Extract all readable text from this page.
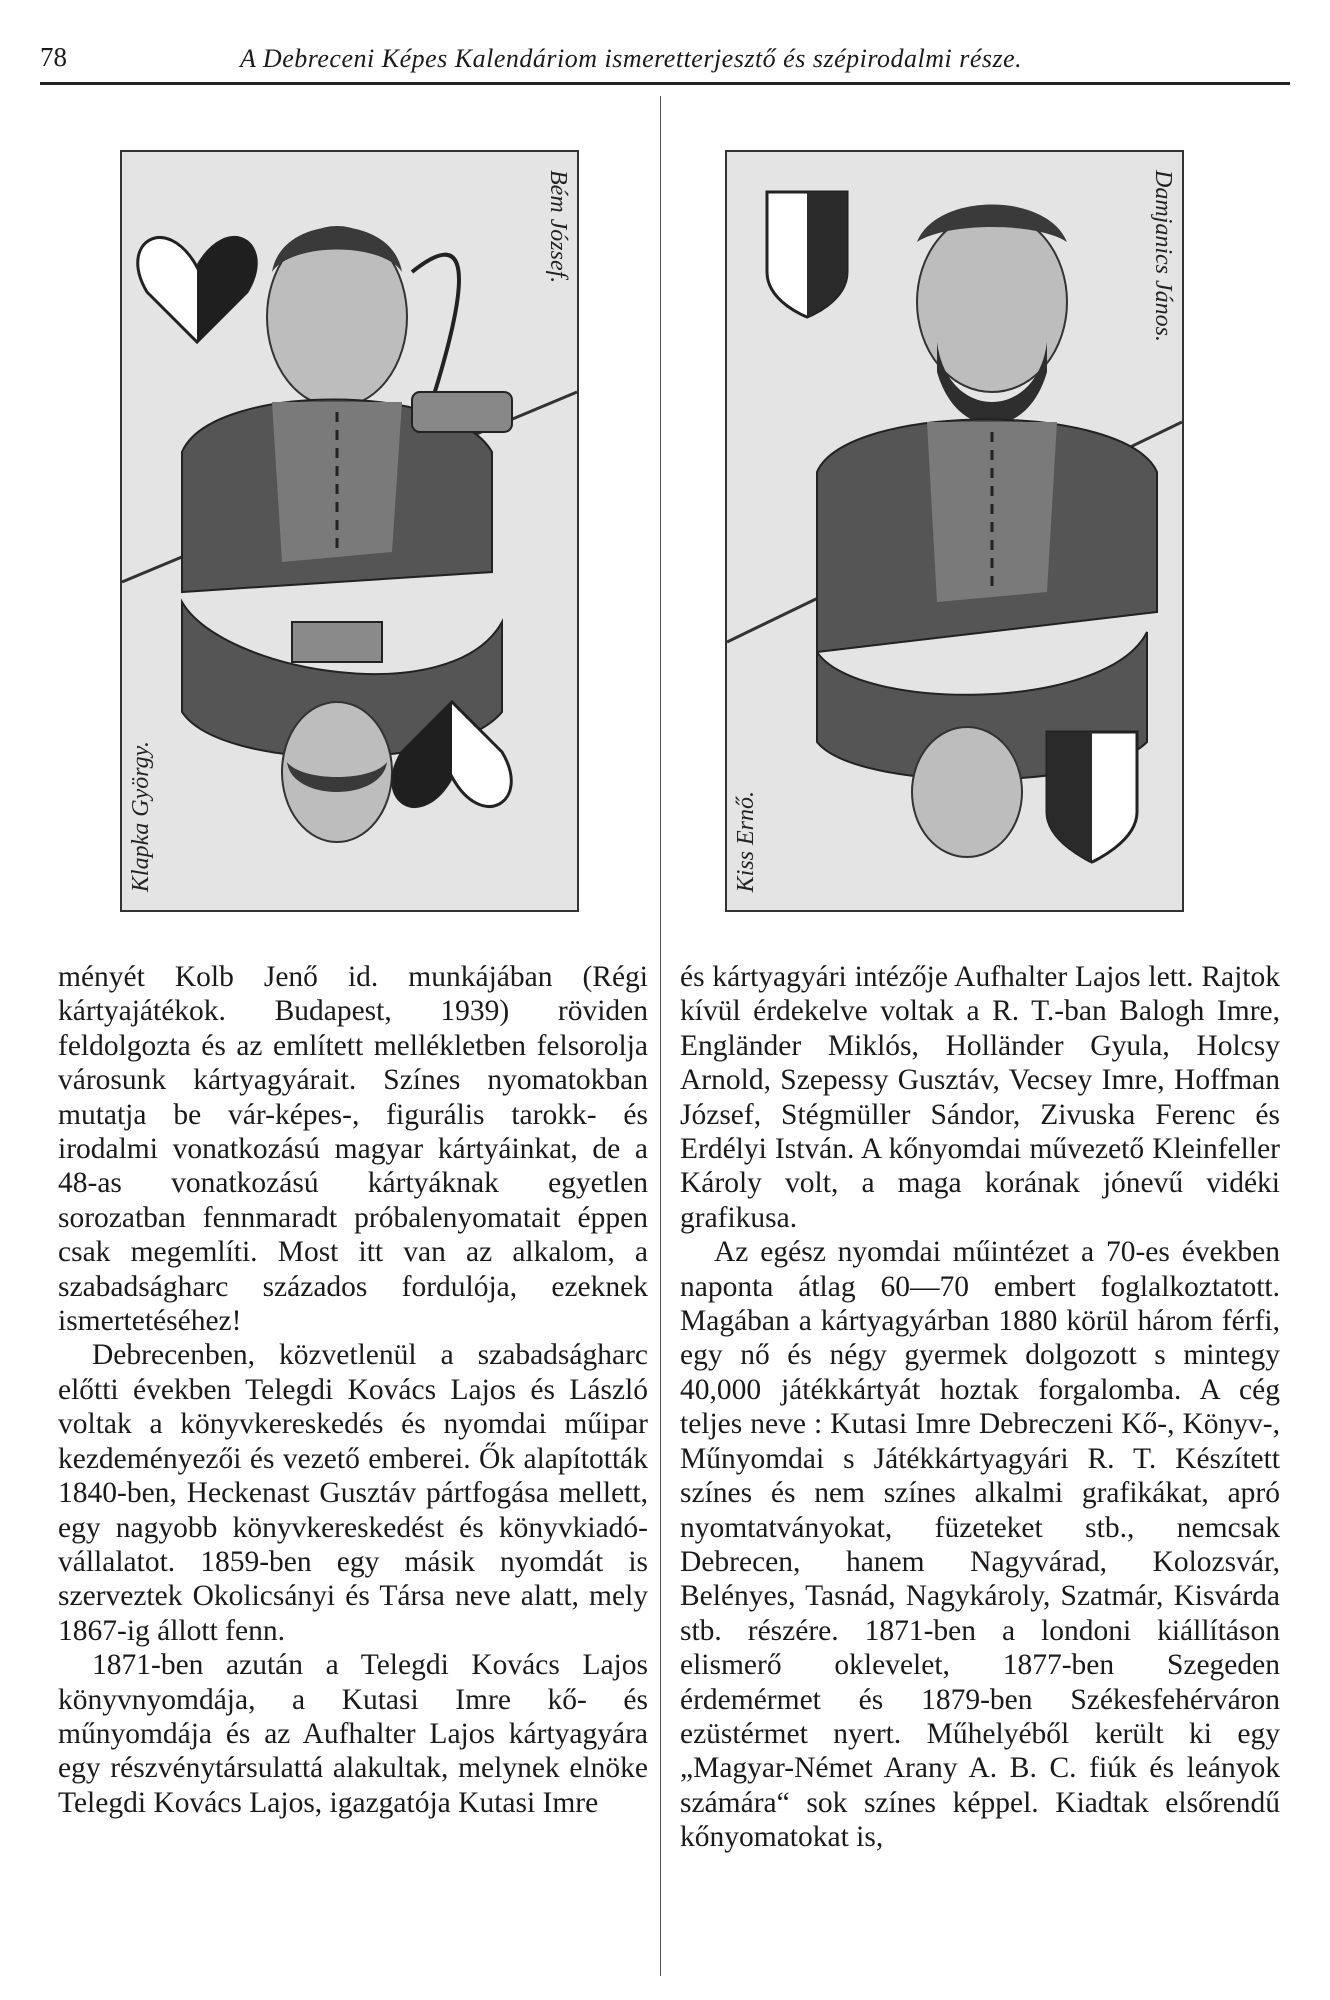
78	A Debreceni Képes Kalendáriom ismeretterjesztő és szépirodalmi része.
Bém József.
Klapka György.
Damjanics János.
Kiss Ernő.

ményét Kolb Jenő id. munkájában (Régi kártyajátékok. Budapest, 1939) röviden feldolgozta és az említett mellékletben felsorolja városunk kártyagyárait. Színes nyomatokban mutatja be vár-képes-, figurális tarokk- és irodalmi vonatkozású magyar kártyáinkat, de a 48-as vonatkozású kártyáknak egyetlen sorozatban fennmaradt próbalenyomatait éppen csak megemlíti. Most itt van az alkalom, a szabadságharc százados fordulója, ezeknek ismertetéséhez!

Debrecenben, közvetlenül a szabadságharc előtti években Telegdi Kovács Lajos és László voltak a könyvkereskedés és nyomdai műipar kezdeményezői és vezető emberei. Ők alapították 1840-ben, Heckenast Gusztáv pártfogása mellett, egy nagyobb könyvkereskedést és könyvkiadó-vállalatot. 1859-ben egy másik nyomdát is szerveztek Okolicsányi és Társa neve alatt, mely 1867-ig állott fenn.

1871-ben azután a Telegdi Kovács Lajos könyvnyomdája, a Kutasi Imre kő- és műnyomdája és az Aufhalter Lajos kártyagyára egy részvénytársulattá alakultak, melynek elnöke Telegdi Kovács Lajos, igazgatója Kutasi Imre

és kártyagyári intézője Aufhalter Lajos lett. Rajtok kívül érdekelve voltak a R. T.-ban Balogh Imre, Engländer Miklós, Holländer Gyula, Holcsy Arnold, Szepessy Gusztáv, Vecsey Imre, Hoffman József, Stégmüller Sándor, Zivuska Ferenc és Erdélyi István. A kőnyomdai művezető Kleinfeller Károly volt, a maga korának jónevű vidéki grafikusa.

Az egész nyomdai műintézet a 70-es években naponta átlag 60—70 embert foglalkoztatott. Magában a kártyagyárban 1880 körül három férfi, egy nő és négy gyermek dolgozott s mintegy 40,000 játékkártyát hoztak forgalomba. A cég teljes neve : Kutasi Imre Debreczeni Kő-, Könyv-, Műnyomdai s Játékkártyagyári R. T. Készített színes és nem színes alkalmi grafikákat, apró nyomtatványokat, füzeteket stb., nemcsak Debrecen, hanem Nagyvárad, Kolozsvár, Belényes, Tasnád, Nagykároly, Szatmár, Kisvárda stb. részére. 1871-ben a londoni kiállításon elismerő oklevelet, 1877-ben Szegeden érdemérmet és 1879-ben Székesfehérváron ezüstérmet nyert. Műhelyéből került ki egy „Magyar-Német Arany A. B. C. fiúk és leányok számára“ sok színes képpel. Kiadtak elsőrendű kőnyomatokat is,
